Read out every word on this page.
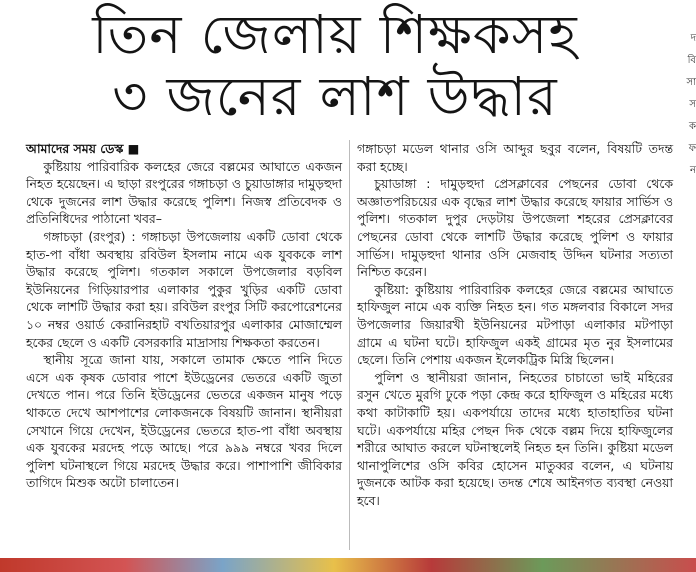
তিন জেলায় শিক্ষকসহ
৩ জনের লাশ উদ্ধার
দ বি সা স ক ফ ন

আমাদের সময় ডেস্ক ■

কুষ্টিয়ায় পারিবারিক কলহের জেরে বল্লমের আঘাতে একজন নিহত হয়েছেন। এ ছাড়া রংপুরের গঙ্গাচড়া ও চুয়াডাঙ্গার দামুড়হুদা থেকে দুজনের লাশ উদ্ধার করেছে পুলিশ। নিজস্ব প্রতিবেদক ও প্রতিনিধিদের পাঠানো খবর–

গঙ্গাচড়া (রংপুর) : গঙ্গাচড়া উপজেলায় একটি ডোবা থেকে হাত-পা বাঁধা অবস্থায় রবিউল ইসলাম নামে এক যুবককে লাশ উদ্ধার করেছে পুলিশ। গতকাল সকালে উপজেলার বড়বিল ইউনিয়নের গিড়িয়ারপার এলাকার পুকুর খুড়ির একটি ডোবা থেকে লাশটি উদ্ধার করা হয়। রবিউল রংপুর সিটি করপোরেশনের ১০ নম্বর ওয়ার্ড কেরানিরহাট বখতিয়ারপুর এলাকার মোজাম্মেল হকের ছেলে ও একটি বেসরকারি মাদ্রাসায় শিক্ষকতা করতেন।

স্থানীয় সূত্রে জানা যায়, সকালে তামাক ক্ষেতে পানি দিতে এসে এক কৃষক ডোবার পাশে ইউড্রেনের ভেতরে একটি জুতা দেখতে পান। পরে তিনি ইউড্রেনের ভেতরে একজন মানুষ পড়ে থাকতে দেখে আশপাশের লোকজনকে বিষয়টি জানান। স্থানীয়রা সেখানে গিয়ে দেখেন, ইউড্রেনের ভেতরে হাত-পা বাঁধা অবস্থায় এক যুবকের মরদেহ পড়ে আছে। পরে ৯৯৯ নম্বরে খবর দিলে পুলিশ ঘটনাস্থলে গিয়ে মরদেহ উদ্ধার করে। পাশাপাশি জীবিকার তাগিদে মিশুক অটো চালাতেন।

গঙ্গাচড়া মডেল থানার ওসি আব্দুর ছবুর বলেন, বিষয়টি তদন্ত করা হচ্ছে।

চুয়াডাঙ্গা : দামুড়হুদা প্রেসক্লাবের পেছনের ডোবা থেকে অজ্ঞাতপরিচয়ের এক বৃদ্ধের লাশ উদ্ধার করেছে ফায়ার সার্ভিস ও পুলিশ। গতকাল দুপুর দেড়টায় উপজেলা শহরের প্রেসক্লাবের পেছনের ডোবা থেকে লাশটি উদ্ধার করেছে পুলিশ ও ফায়ার সার্ভিস। দামুড়হুদা থানার ওসি মেজবাহ উদ্দিন ঘটনার সত্যতা নিশ্চিত করেন।

কুষ্টিয়া: কুষ্টিয়ায় পারিবারিক কলহের জেরে বল্লমের আঘাতে হাফিজুল নামে এক ব্যক্তি নিহত হন। গত মঙ্গলবার বিকালে সদর উপজেলার জিয়ারখী ইউনিয়নের মটপাড়া এলাকার মটপাড়া গ্রামে এ ঘটনা ঘটে। হাফিজুল একই গ্রামের মৃত নুর ইসলামের ছেলে। তিনি পেশায় একজন ইলেকট্রিক মিস্ত্রি ছিলেন।

পুলিশ ও স্থানীয়রা জানান, নিহতের চাচাতো ভাই মহিরের রসুন খেতে মুরগি ঢুকে পড়া কেন্দ্র করে হাফিজুল ও মহিরের মধ্যে কথা কাটাকাটি হয়। একপর্যায়ে তাদের মধ্যে হাতাহাতির ঘটনা ঘটে। একপর্যায়ে মহির পেছন দিক থেকে বল্লম দিয়ে হাফিজুলের শরীরে আঘাত করলে ঘটনাস্থলেই নিহত হন তিনি। কুষ্টিয়া মডেল থানাপুলিশের ওসি কবির হোসেন মাতুব্বর বলেন, এ ঘটনায় দুজনকে আটক করা হয়েছে। তদন্ত শেষে আইনগত ব্যবস্থা নেওয়া হবে।
